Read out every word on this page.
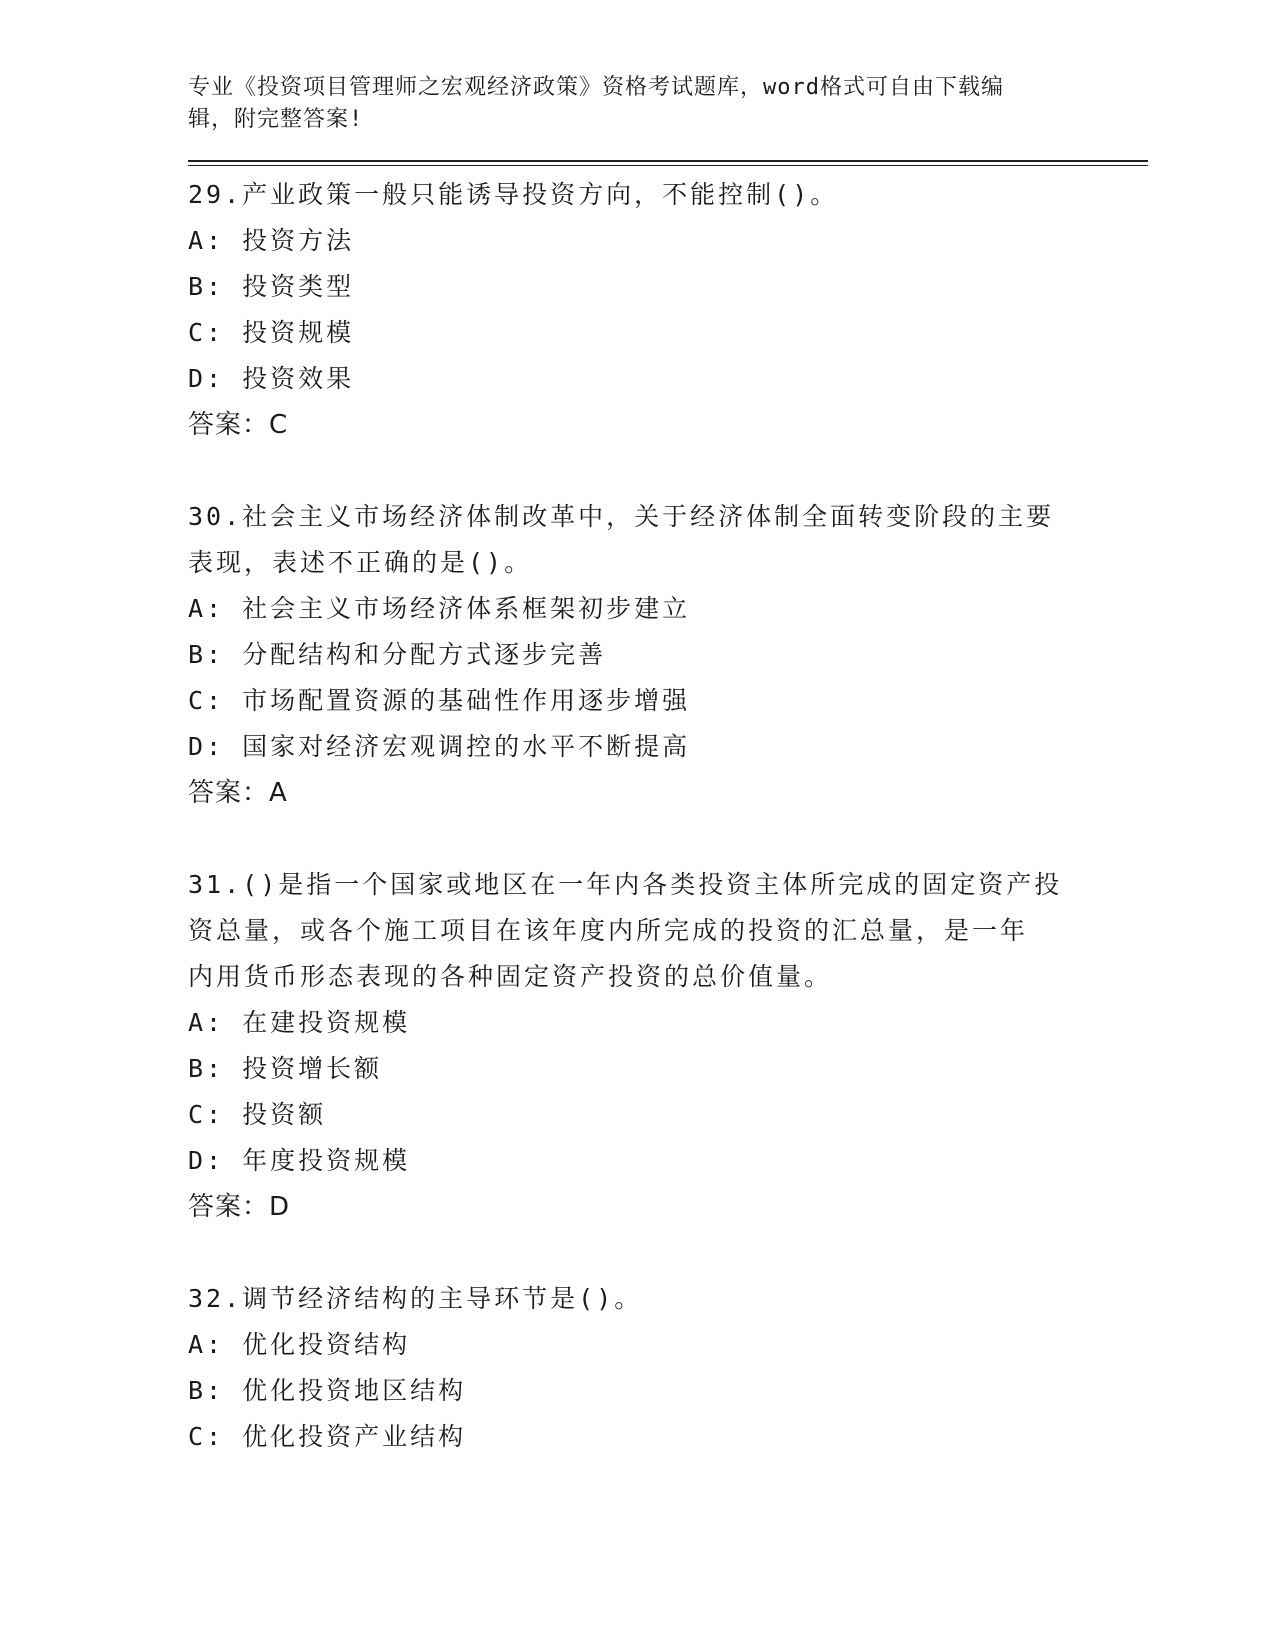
专业《投资项目管理师之宏观经济政策》资格考试题库，word格式可自由下载编
辑，附完整答案!
29.产业政策一般只能诱导投资方向，不能控制()。
A: 投资方法
B: 投资类型
C: 投资规模
D: 投资效果
答案：C
30.社会主义市场经济体制改革中，关于经济体制全面转变阶段的主要
表现，表述不正确的是()。
A: 社会主义市场经济体系框架初步建立
B: 分配结构和分配方式逐步完善
C: 市场配置资源的基础性作用逐步增强
D: 国家对经济宏观调控的水平不断提高
答案：A
31.()是指一个国家或地区在一年内各类投资主体所完成的固定资产投
资总量，或各个施工项目在该年度内所完成的投资的汇总量，是一年
内用货币形态表现的各种固定资产投资的总价值量。
A: 在建投资规模
B: 投资增长额
C: 投资额
D: 年度投资规模
答案：D
32.调节经济结构的主导环节是()。
A: 优化投资结构
B: 优化投资地区结构
C: 优化投资产业结构
